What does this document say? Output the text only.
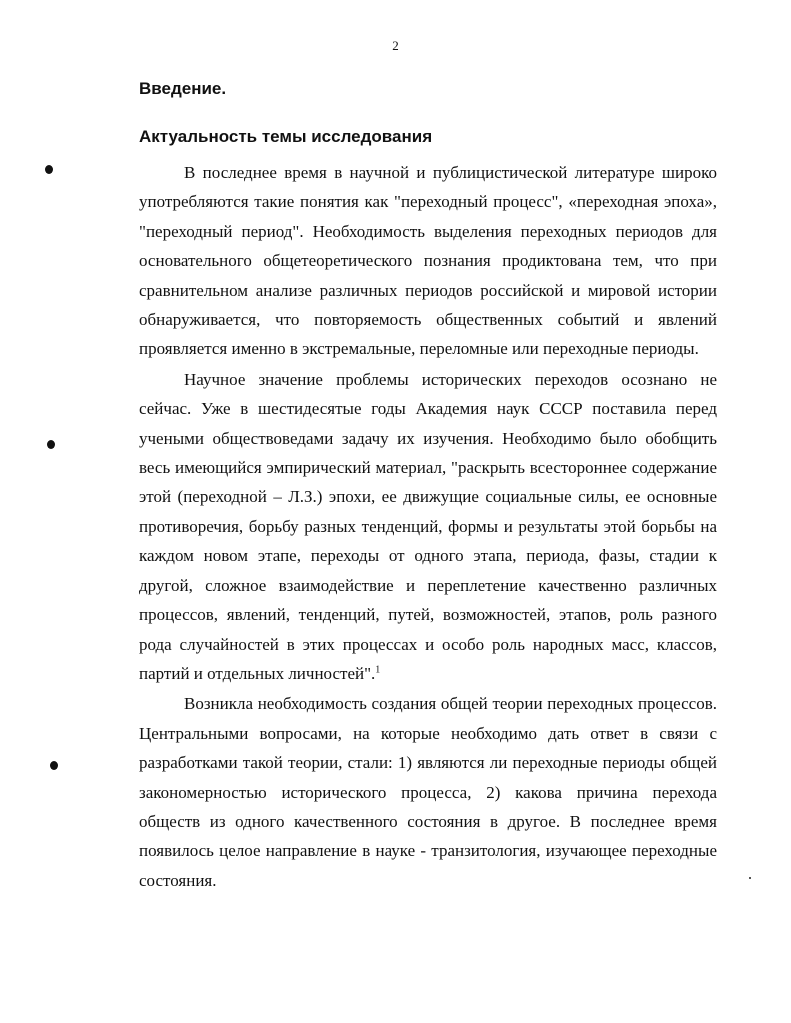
2
Введение.
Актуальность темы исследования

В последнее время в научной и публицистической литературе широко употребляются такие понятия как "переходный процесс", «переходная эпоха», "переходный период". Необходимость выделения переходных периодов для основательного общетеоретического познания продиктована тем, что при сравнительном анализе различных периодов российской и мировой истории обнаруживается, что повторяемость общественных событий и явлений проявляется именно в экстремальные, переломные или переходные периоды.

Научное значение проблемы исторических переходов осознано не сейчас. Уже в шестидесятые годы Академия наук СССР поставила перед учеными обществоведами задачу их изучения. Необходимо было обобщить весь имеющийся эмпирический материал, "раскрыть всестороннее содержание этой (переходной – Л.З.) эпохи, ее движущие социальные силы, ее основные противоречия, борьбу разных тенденций, формы и результаты этой борьбы на каждом новом этапе, переходы от одного этапа, периода, фазы, стадии к другой, сложное взаимодействие и переплетение качественно различных процессов, явлений, тенденций, путей, возможностей, этапов, роль разного рода случайностей в этих процессах и особо роль народных масс, классов, партий и отдельных личностей".$^1$

Возникла необходимость создания общей теории переходных процессов. Центральными вопросами, на которые необходимо дать ответ в связи с разработками такой теории, стали: 1) являются ли переходные периоды общей закономерностью исторического процесса, 2) какова причина перехода обществ из одного качественного состояния в другое. В последнее время появилось целое направление в науке - транзитология, изучающее переходные состояния.
